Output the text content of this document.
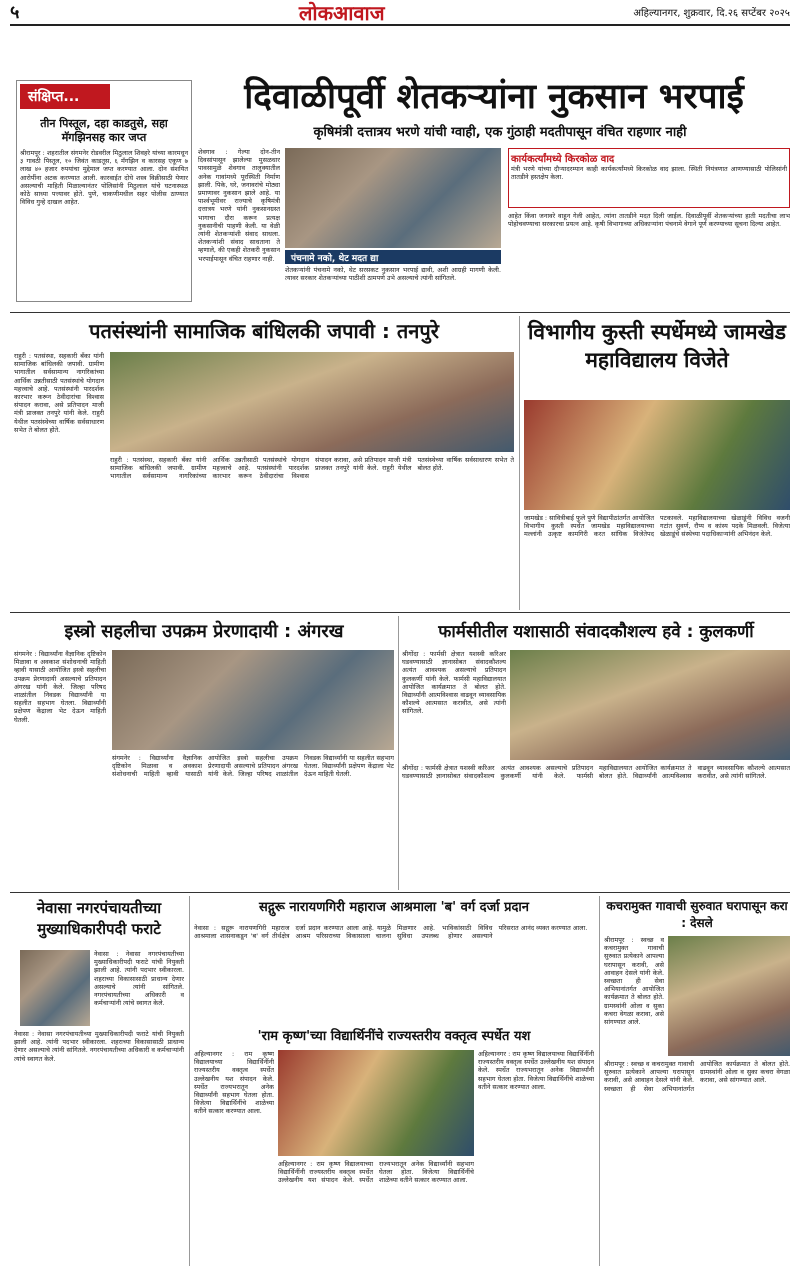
५	लोकआवाज	अहिल्यानगर, शुक्रवार, दि.२६ सप्टेंबर २०२५
संक्षिप्त...
तीन पिस्तूल, दहा काडतुसे, सहा मॅगझिनसह कार जप्त
श्रीरामपूर : शहरातील संगमनेर रोडवरील मिठुलाल शिवहरे यांच्या कारमधून ३ गावठी पिस्तूल, १० जिवंत काडतूस, ६ मॅगझिन व कारसह एकूण ७ लाख ४० हजार रुपयांचा मुद्देमाल जप्त करण्यात आला. दोन संशयित आरोपींना अटक करण्यात आली. कारवाईत दोघे शस्त्र विक्रीसाठी येणार असल्याची माहिती मिळाल्यानंतर पोलिसांनी मिठुलाल यांचे घटनास्थळ कोठे साध्या पत्त्यावर होते. पुणे, चाकणीमधील सहर पोलीस ठाण्यात विविध गुन्हे दाखल आहेत.
दिवाळीपूर्वी शेतकऱ्यांना नुकसान भरपाई
कृषिमंत्री दत्तात्रय भरणे यांची ग्वाही, एक गुंठाही मदतीपासून वंचित राहणार नाही
शेवगाव : गेल्या दोन-तीन दिवसांपासून झालेल्या मुसळधार पावसामुळे शेवगाव तालुक्यातील अनेक गावांमध्ये पूरस्थिती निर्माण झाली. पिके, घरे, जनावरांचे मोठ्या प्रमाणावर नुकसान झाले आहे. या पार्श्वभूमीवर राज्याचे कृषिमंत्री दत्तात्रय भरणे यांनी नुकसानग्रस्त भागाचा दौरा करून प्रत्यक्ष नुकसानीची पाहणी केली. या वेळी त्यांनी शेतकऱ्यांशी संवाद साधला. शेतकऱ्यांशी संवाद साधताना ते म्हणाले, की एकही शेतकरी नुकसान भरपाईपासून वंचित राहणार नाही.	पंचनामे नको, थेट मदत द्या
शेतकऱ्यांनी पंचनामे नको, थेट सरसकट नुकसान भरपाई द्यावी, अशी आग्रही मागणी केली. त्यावर सरकार शेतकऱ्यांच्या पाठीशी ठामपणे उभे असल्याचे त्यांनी सांगितले.
कार्यकर्त्यांमध्ये किरकोळ वाद
मंत्री भरणे यांच्या दौऱ्यादरम्यान काही कार्यकर्त्यांमध्ये किरकोळ वाद झाला. स्थिती नियंत्रणात आणण्यासाठी पोलिसांनी तातडीने हस्तक्षेप केला.
आहेत किंवा जनावरे वाहून गेली आहेत, त्यांना तातडीने मदत दिली जाईल. दिवाळीपूर्वी शेतकऱ्यांच्या हाती मदतीचा लाभ पोहोचवण्याचा सरकारचा प्रयत्न आहे. कृषी विभागाच्या अधिकाऱ्यांना पंचनामे वेगाने पूर्ण करण्याच्या सूचना दिल्या आहेत.
पतसंस्थांनी सामाजिक बांधिलकी जपावी : तनपुरे
राहुरी : पतसंस्था, सहकारी बँका यांनी सामाजिक बांधिलकी जपावी. ग्रामीण भागातील सर्वसामान्य नागरिकांच्या आर्थिक उन्नतीसाठी पतसंस्थांचे योगदान महत्त्वाचे आहे. पतसंस्थांनी पारदर्शक कारभार करून ठेवीदारांचा विश्वास संपादन करावा, असे प्रतिपादन माजी मंत्री प्राजक्त तनपुरे यांनी केले. राहुरी येथील पतसंस्थेच्या वार्षिक सर्वसाधारण सभेत ते बोलत होते.
राहुरी : पतसंस्था, सहकारी बँका यांनी सामाजिक बांधिलकी जपावी. ग्रामीण भागातील सर्वसामान्य नागरिकांच्या आर्थिक उन्नतीसाठी पतसंस्थांचे योगदान महत्त्वाचे आहे. पतसंस्थांनी पारदर्शक कारभार करून ठेवीदारांचा विश्वास संपादन करावा, असे प्रतिपादन माजी मंत्री प्राजक्त तनपुरे यांनी केले. राहुरी येथील पतसंस्थेच्या वार्षिक सर्वसाधारण सभेत ते बोलत होते.
विभागीय कुस्ती स्पर्धेमध्ये जामखेड महाविद्यालय विजेते
जामखेड : सावित्रीबाई फुले पुणे विद्यापीठांतर्गत आयोजित विभागीय कुस्ती स्पर्धेत जामखेड महाविद्यालयाच्या मल्लांनी उत्कृष्ट कामगिरी करत सांघिक विजेतेपद पटकावले. महाविद्यालयाच्या खेळाडूंनी विविध वजनी गटांत सुवर्ण, रौप्य व कांस्य पदके मिळवली. विजेत्या खेळाडूंचे संस्थेच्या पदाधिकाऱ्यांनी अभिनंदन केले.
इस्त्रो सहलीचा उपक्रम प्रेरणादायी : अंगरख
संगमनेर : विद्यार्थ्यांना वैज्ञानिक दृष्टिकोन मिळावा व अवकाश संशोधनाची माहिती व्हावी यासाठी आयोजित इस्त्रो सहलीचा उपक्रम प्रेरणादायी असल्याचे प्रतिपादन अंगरख यांनी केले. जिल्हा परिषद शाळांतील निवडक विद्यार्थ्यांनी या सहलीत सहभाग घेतला. विद्यार्थ्यांनी प्रक्षेपण केंद्राला भेट देऊन माहिती घेतली.
संगमनेर : विद्यार्थ्यांना वैज्ञानिक दृष्टिकोन मिळावा व अवकाश संशोधनाची माहिती व्हावी यासाठी आयोजित इस्त्रो सहलीचा उपक्रम प्रेरणादायी असल्याचे प्रतिपादन अंगरख यांनी केले. जिल्हा परिषद शाळांतील निवडक विद्यार्थ्यांनी या सहलीत सहभाग घेतला. विद्यार्थ्यांनी प्रक्षेपण केंद्राला भेट देऊन माहिती घेतली.
फार्मसीतील यशासाठी संवादकौशल्य हवे : कुलकर्णी
श्रीगोंदा : फार्मसी क्षेत्रात यशस्वी करिअर घडवण्यासाठी ज्ञानासोबत संवादकौशल्य अत्यंत आवश्यक असल्याचे प्रतिपादन कुलकर्णी यांनी केले. फार्मसी महाविद्यालयात आयोजित कार्यक्रमात ते बोलत होते. विद्यार्थ्यांनी आत्मविश्वास वाढवून व्यावसायिक कौशल्ये आत्मसात करावीत, असे त्यांनी सांगितले.
श्रीगोंदा : फार्मसी क्षेत्रात यशस्वी करिअर घडवण्यासाठी ज्ञानासोबत संवादकौशल्य अत्यंत आवश्यक असल्याचे प्रतिपादन कुलकर्णी यांनी केले. फार्मसी महाविद्यालयात आयोजित कार्यक्रमात ते बोलत होते. विद्यार्थ्यांनी आत्मविश्वास वाढवून व्यावसायिक कौशल्ये आत्मसात करावीत, असे त्यांनी सांगितले.
नेवासा नगरपंचायतीच्या मुख्याधिकारीपदी फराटे
नेवासा : नेवासा नगरपंचायतीच्या मुख्याधिकारीपदी फराटे यांची नियुक्ती झाली आहे. त्यांनी पदभार स्वीकारला. शहराच्या विकासासाठी प्राधान्य देणार असल्याचे त्यांनी सांगितले. नगरपंचायतीच्या अधिकारी व कर्मचाऱ्यांनी त्यांचे स्वागत केले.
नेवासा : नेवासा नगरपंचायतीच्या मुख्याधिकारीपदी फराटे यांची नियुक्ती झाली आहे. त्यांनी पदभार स्वीकारला. शहराच्या विकासासाठी प्राधान्य देणार असल्याचे त्यांनी सांगितले. नगरपंचायतीच्या अधिकारी व कर्मचाऱ्यांनी त्यांचे स्वागत केले.
सद्गुरू नारायणगिरी महाराज आश्रमाला 'ब' वर्ग दर्जा प्रदान
नेवासा : सद्गुरू नारायणगिरी महाराज आश्रमाला शासनाकडून 'ब' वर्ग तीर्थक्षेत्र दर्जा प्रदान करण्यात आला आहे. यामुळे आश्रम परिसराच्या विकासाला चालना मिळणार आहे. भाविकांसाठी विविध सुविधा उपलब्ध होणार असल्याने परिसरात आनंद व्यक्त करण्यात आला.
'राम कृष्ण'च्या विद्यार्थिनींचे राज्यस्तरीय वक्तृत्व स्पर्धेत यश
अहिल्यानगर : राम कृष्ण विद्यालयाच्या विद्यार्थिनींनी राज्यस्तरीय वक्तृत्व स्पर्धेत उल्लेखनीय यश संपादन केले. स्पर्धेत राज्यभरातून अनेक विद्यार्थ्यांनी सहभाग घेतला होता. विजेत्या विद्यार्थिनींचे शाळेच्या वतीने सत्कार करण्यात आला.
अहिल्यानगर : राम कृष्ण विद्यालयाच्या विद्यार्थिनींनी राज्यस्तरीय वक्तृत्व स्पर्धेत उल्लेखनीय यश संपादन केले. स्पर्धेत राज्यभरातून अनेक विद्यार्थ्यांनी सहभाग घेतला होता. विजेत्या विद्यार्थिनींचे शाळेच्या वतीने सत्कार करण्यात आला.
अहिल्यानगर : राम कृष्ण विद्यालयाच्या विद्यार्थिनींनी राज्यस्तरीय वक्तृत्व स्पर्धेत उल्लेखनीय यश संपादन केले. स्पर्धेत राज्यभरातून अनेक विद्यार्थ्यांनी सहभाग घेतला होता. विजेत्या विद्यार्थिनींचे शाळेच्या वतीने सत्कार करण्यात आला.
कचरामुक्त गावाची सुरुवात घरापासून करा : देसले
श्रीरामपूर : स्वच्छ व कचरामुक्त गावाची सुरुवात प्रत्येकाने आपल्या घरापासून करावी, असे आवाहन देसले यांनी केले. स्वच्छता ही सेवा अभियानांतर्गत आयोजित कार्यक्रमात ते बोलत होते. ग्रामस्थांनी ओला व सुका कचरा वेगळा करावा, असे सांगण्यात आले.
श्रीरामपूर : स्वच्छ व कचरामुक्त गावाची सुरुवात प्रत्येकाने आपल्या घरापासून करावी, असे आवाहन देसले यांनी केले. स्वच्छता ही सेवा अभियानांतर्गत आयोजित कार्यक्रमात ते बोलत होते. ग्रामस्थांनी ओला व सुका कचरा वेगळा करावा, असे सांगण्यात आले.
